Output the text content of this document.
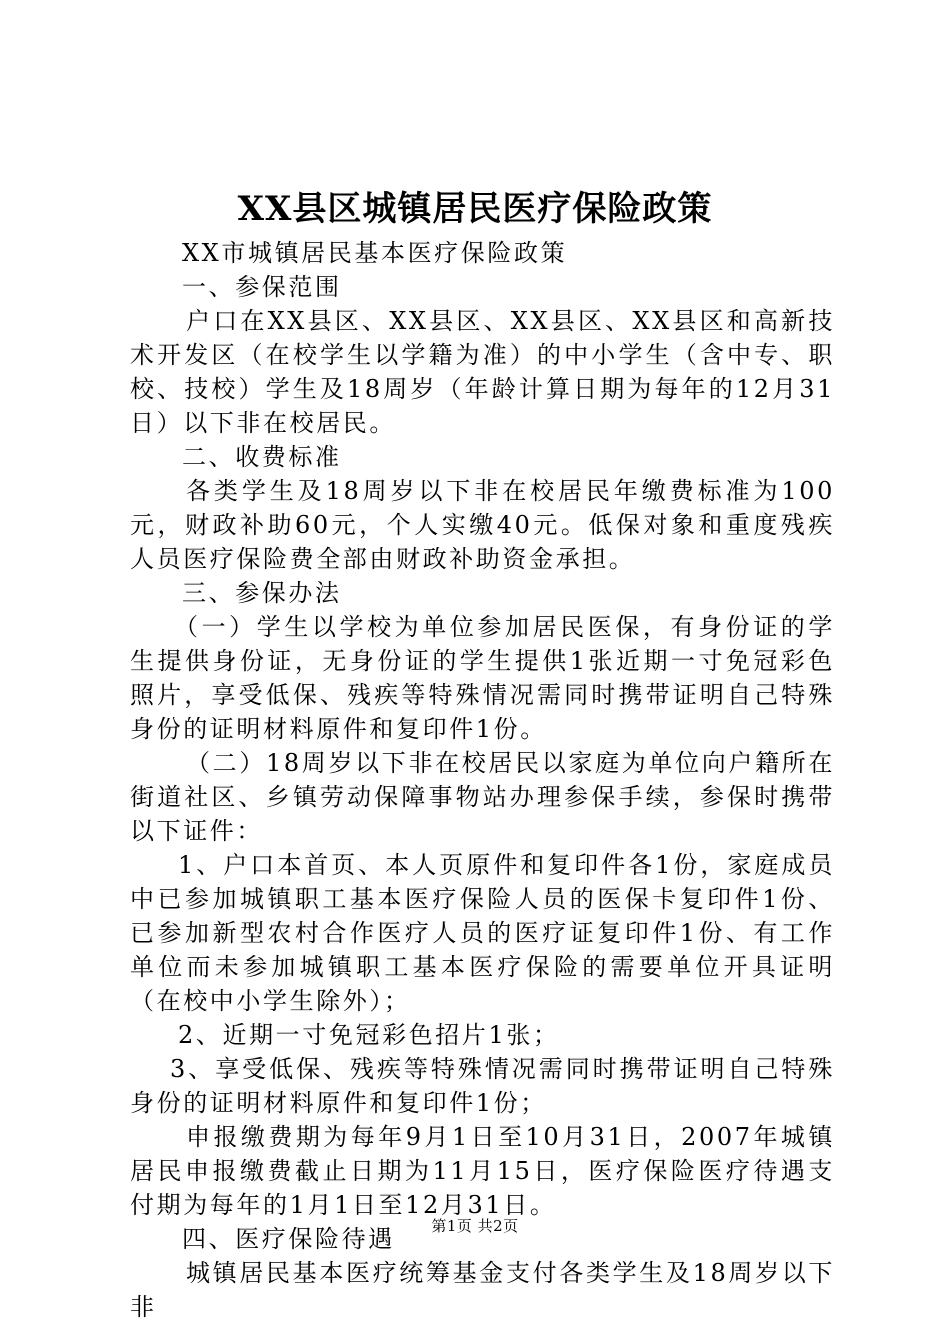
XX县区城镇居民医疗保险政策

XX市城镇居民基本医疗保险政策

一、参保范围

户口在XX县区、XX县区、XX县区、XX县区和高新技术开发区（在校学生以学籍为准）的中小学生（含中专、职校、技校）学生及18周岁（年龄计算日期为每年的12月31日）以下非在校居民。

二、收费标准

各类学生及18周岁以下非在校居民年缴费标准为100元，财政补助60元，个人实缴40元。低保对象和重度残疾人员医疗保险费全部由财政补助资金承担。

三、参保办法

（一）学生以学校为单位参加居民医保，有身份证的学生提供身份证，无身份证的学生提供1张近期一寸免冠彩色照片，享受低保、残疾等特殊情况需同时携带证明自己特殊身份的证明材料原件和复印件1份。

（二）18周岁以下非在校居民以家庭为单位向户籍所在街道社区、乡镇劳动保障事物站办理参保手续，参保时携带以下证件：

1、户口本首页、本人页原件和复印件各1份，家庭成员中已参加城镇职工基本医疗保险人员的医保卡复印件1份、已参加新型农村合作医疗人员的医疗证复印件1份、有工作单位而未参加城镇职工基本医疗保险的需要单位开具证明（在校中小学生除外）；

2、近期一寸免冠彩色招片1张；

3、享受低保、残疾等特殊情况需同时携带证明自己特殊身份的证明材料原件和复印件1份；

申报缴费期为每年9月1日至10月31日，2007年城镇居民申报缴费截止日期为11月15日，医疗保险医疗待遇支付期为每年的1月1日至12月31日。

四、医疗保险待遇

城镇居民基本医疗统筹基金支付各类学生及18周岁以下非

第1页 共2页
